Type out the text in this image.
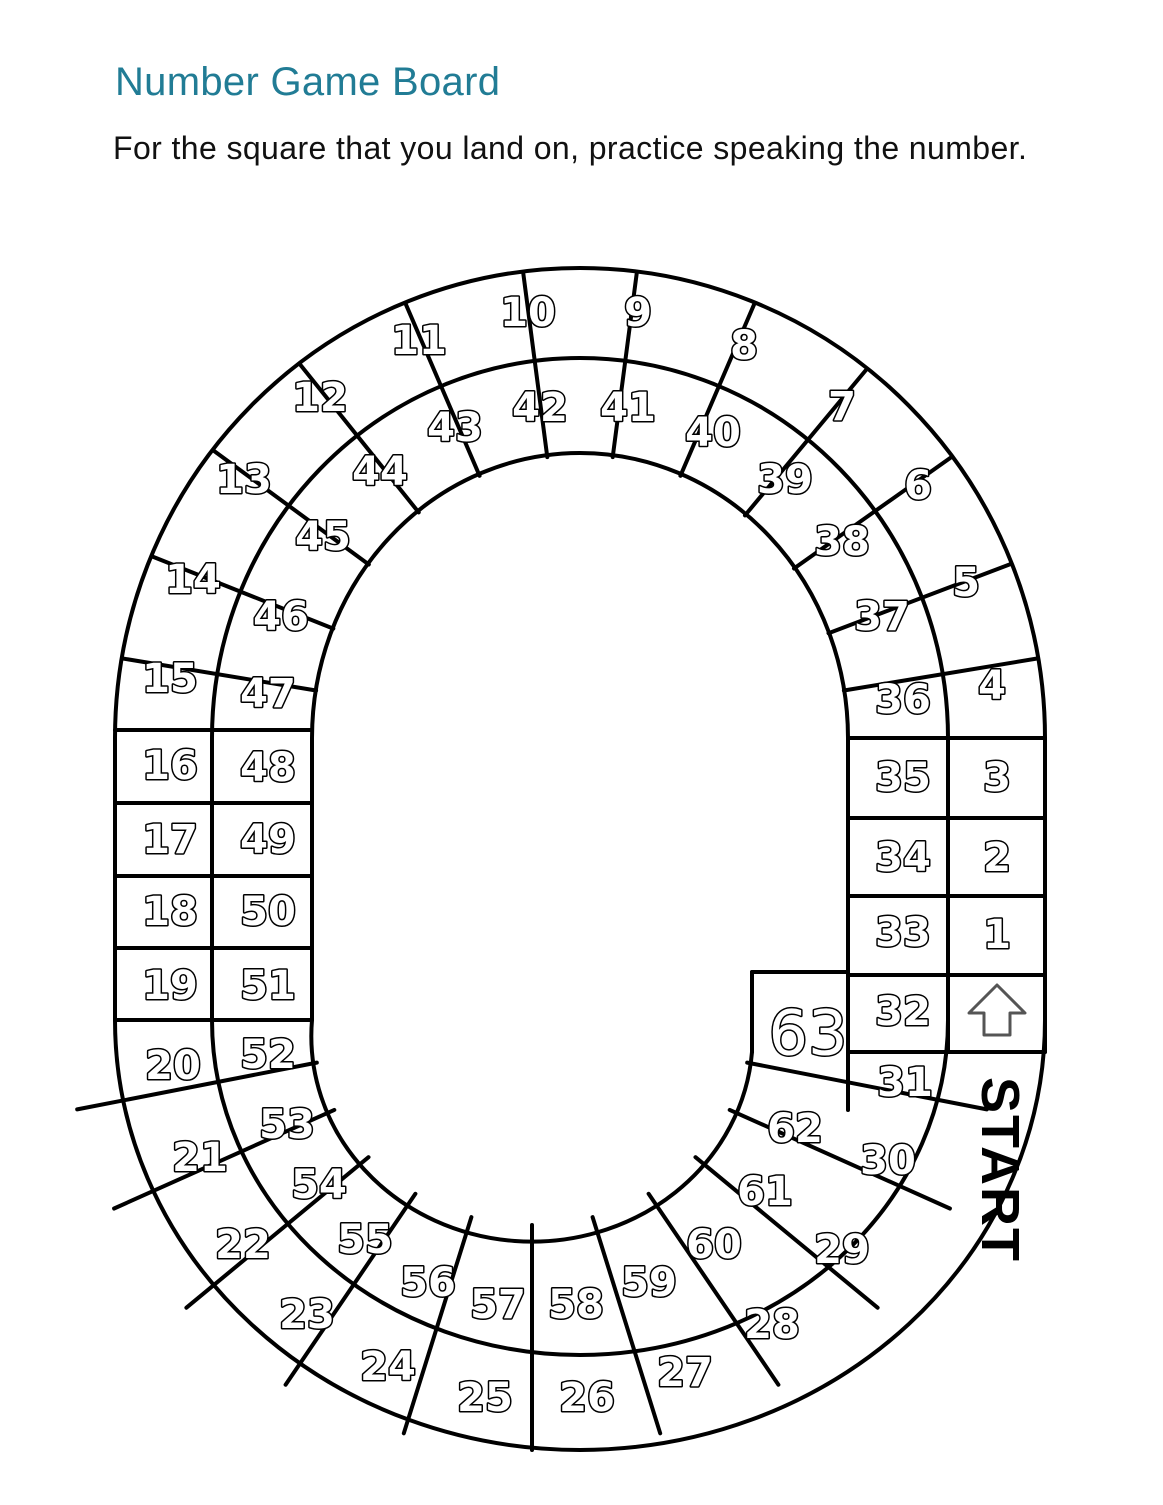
1
2
3
4
5
6
7
8
9
10
11
12
13
14
15
16
17
18
19
20
21
22
23
24
25 26
27
28
29
30
31
32
33
34
35
36
37
38
39
40
41
42
43
44
45
46
47
48
49
50
51
52
53
54
55
56 57 58 59
60
61
62
63
START
Number Game Board

For the square that you land on, practice speaking the number.
